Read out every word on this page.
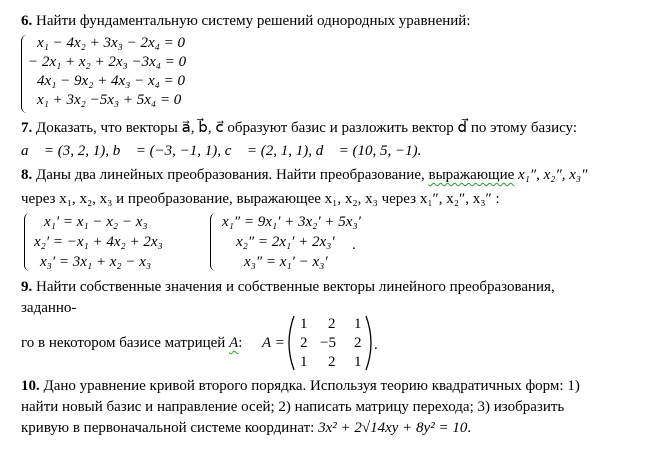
6. Найти фундаментальную систему решений однородных уравнений:
x₁ − 4x₂ + 3x₃ − 2x₄ = 0
− 2x₁ + x₂ + 2x₃ −3x₄ = 0
4x₁ − 9x₂ + 4x₃ − x₄ = 0
x₁ + 3x₂ −5x₃ + 5x₄ = 0
7. Доказать, что векторы a⃗, b⃗, c⃗ образуют базис и разложить вектор d⃗ по этому базису:
a⃗ = (3, 2, 1), b⃗ = (−3, −1, 1), c⃗ = (2, 1, 1), d⃗ = (10, 5, −1).
8. Даны два линейных преобразования. Найти преобразование, выражающие x₁″, x₂″, x₃″
через x₁, x₂, x₃ и преобразование, выражающее x₁, x₂, x₃ через x₁″, x₂″, x₃″ :
x₁′ = x₁ − x₂ − x₃
x₂′ = −x₁ + 4x₂ + 2x₃
x₃′ = 3x₁ + x₂ − x₃
x₁″ = 9x₁′ + 3x₂′ + 5x₃′
x₂″ = 2x₁′ + 2x₃′
x₃″ = x₁′ − x₃′
.
9. Найти собственные значения и собственные векторы линейного преобразования,
заданно-
го в некотором базисе матрицей A: A =
1 2 1
2 −5 2
1 2 1
.
10. Дано уравнение кривой второго порядка. Используя теорию квадратичных форм: 1)
найти новый базис и направление осей; 2) написать матрицу перехода; 3) изобразить
кривую в первоначальной системе координат: 3x² + 2√14xy + 8y² = 10.
